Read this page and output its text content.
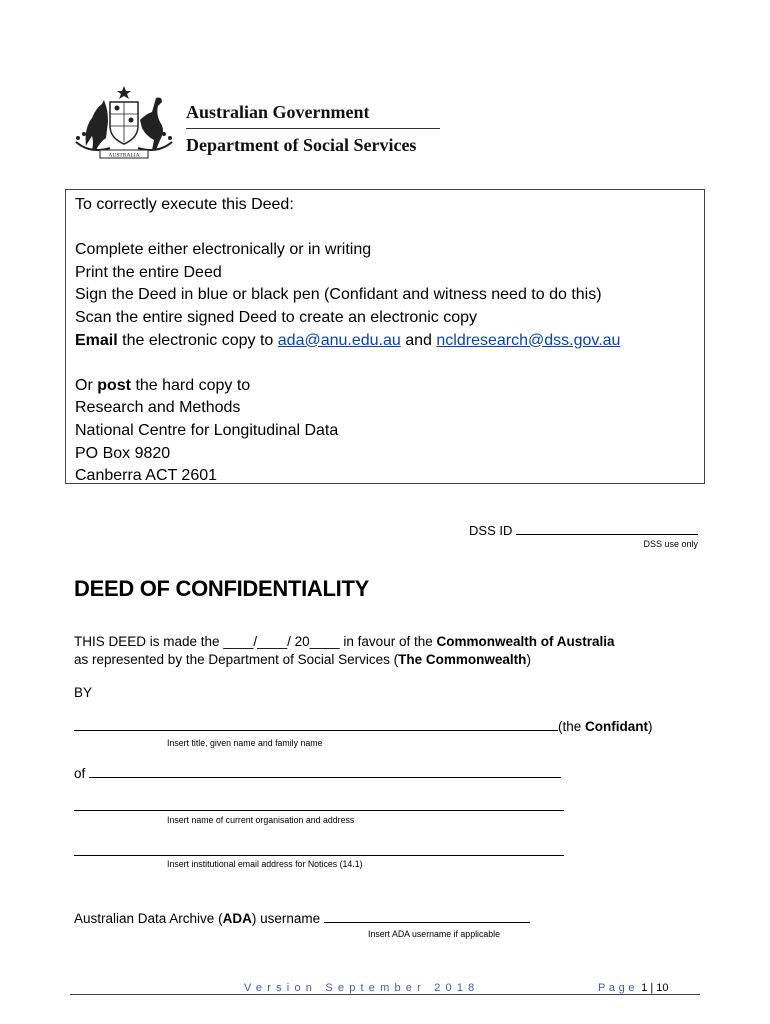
AUSTRALIA
Australian Government
Department of Social Services
To correctly execute this Deed:
Complete either electronically or in writing
Print the entire Deed
Sign the Deed in blue or black pen (Confidant and witness need to do this)
Scan the entire signed Deed to create an electronic copy
Email the electronic copy to ada@anu.edu.au and ncldresearch@dss.gov.au
Or post the hard copy to
Research and Methods
National Centre for Longitudinal Data
PO Box 9820
Canberra ACT 2601
DSS ID
DSS use only
DEED OF CONFIDENTIALITY
THIS DEED is made the ____/____/ 20____ in favour of the Commonwealth of Australia
as represented by the Department of Social Services (The Commonwealth)
BY
(the Confidant)
Insert title, given name and family name
of
Insert name of current organisation and address
Insert institutional email address for Notices (14.1)
Australian Data Archive (ADA) username
Insert ADA username if applicable
Version September 2018	Page 1 | 10
